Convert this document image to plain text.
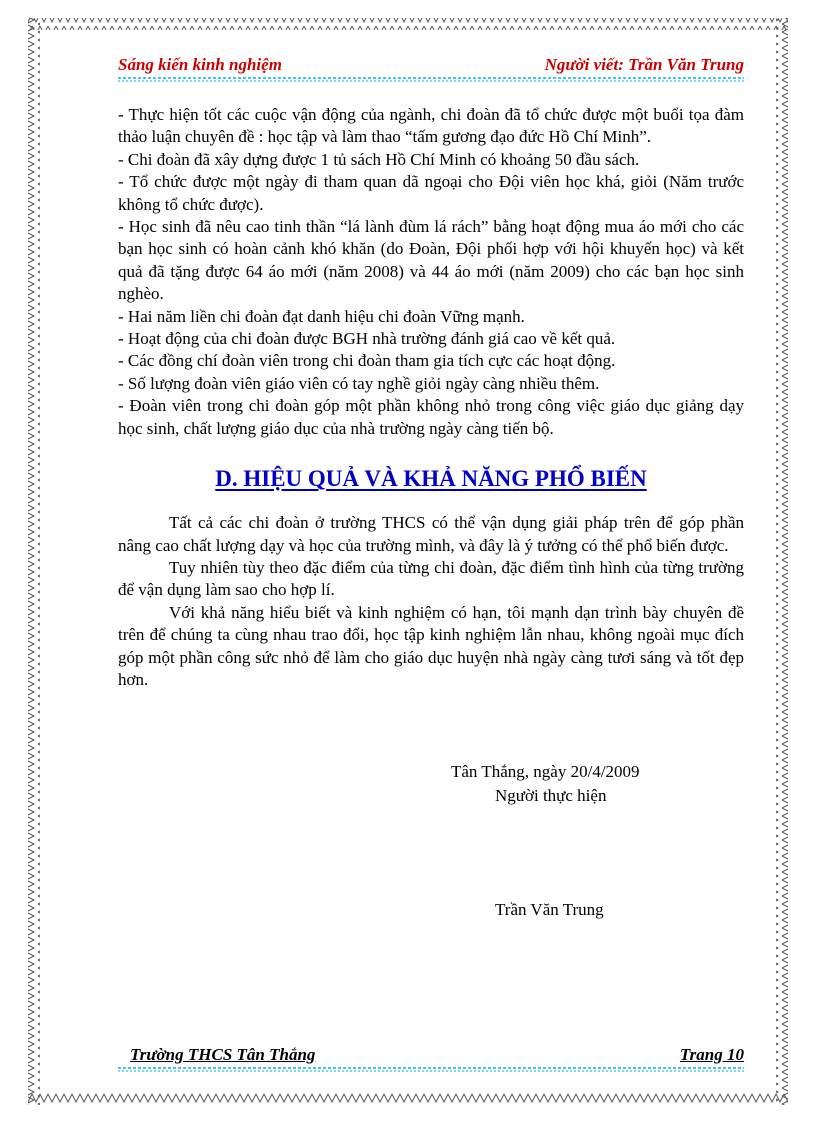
Sáng kiến kinh nghiệm	Người viết: Trần Văn Trung

- Thực hiện tốt các cuộc vận động của ngành, chi đoàn đã tổ chức được một buổi tọa đàm thảo luận chuyên đề : học tập và làm thao “tấm gương đạo đức Hồ Chí Minh”.

- Chi đoàn đã xây dựng được 1 tủ sách Hồ Chí Minh có khoảng 50 đầu sách.

- Tổ chức được một ngày đi tham quan dã ngoại cho Đội viên học khá, giỏi (Năm trước không tổ chức được).

- Học sinh đã nêu cao tinh thần “lá lành đùm lá rách” bằng hoạt động mua áo mới cho các bạn học sinh có hoàn cảnh khó khăn (do Đoàn, Đội phối hợp với hội khuyến học) và kết quả đã tặng được 64 áo mới (năm 2008) và 44 áo mới (năm 2009) cho các bạn học sinh nghèo.

- Hai năm liền chi đoàn đạt danh hiệu chi đoàn Vững mạnh.

- Hoạt động của chi đoàn được BGH nhà trường đánh giá cao về kết quả.

- Các đồng chí đoàn viên trong chi đoàn tham gia tích cực các hoạt động.

- Số lượng đoàn viên giáo viên có tay nghề giỏi ngày càng nhiều thêm.

- Đoàn viên trong chi đoàn góp một phần không nhỏ trong công việc giáo dục giảng dạy học sinh, chất lượng giáo dục của nhà trường ngày càng tiến bộ.

D. HIỆU QUẢ VÀ KHẢ NĂNG PHỔ BIẾN

Tất cả các chi đoàn ở trường THCS có thể vận dụng giải pháp trên để góp phần nâng cao chất lượng dạy và học của trường mình, và đây là ý tưởng có thể phổ biến được.

Tuy nhiên tùy theo đặc điểm của từng chi đoàn, đặc điểm tình hình của từng trường để vận dụng làm sao cho hợp lí.

Với khả năng hiểu biết và kinh nghiệm có hạn, tôi mạnh dạn trình bày chuyên đề trên để chúng ta cùng nhau trao đổi, học tập kinh nghiệm lẫn nhau, không ngoài mục đích góp một phần công sức nhỏ để làm cho giáo dục huyện nhà ngày càng tươi sáng và tốt đẹp hơn.

Tân Thắng, ngày 20/4/2009
Người thực hiện
Trần Văn Trung
Trường THCS Tân Thắng	Trang 10
